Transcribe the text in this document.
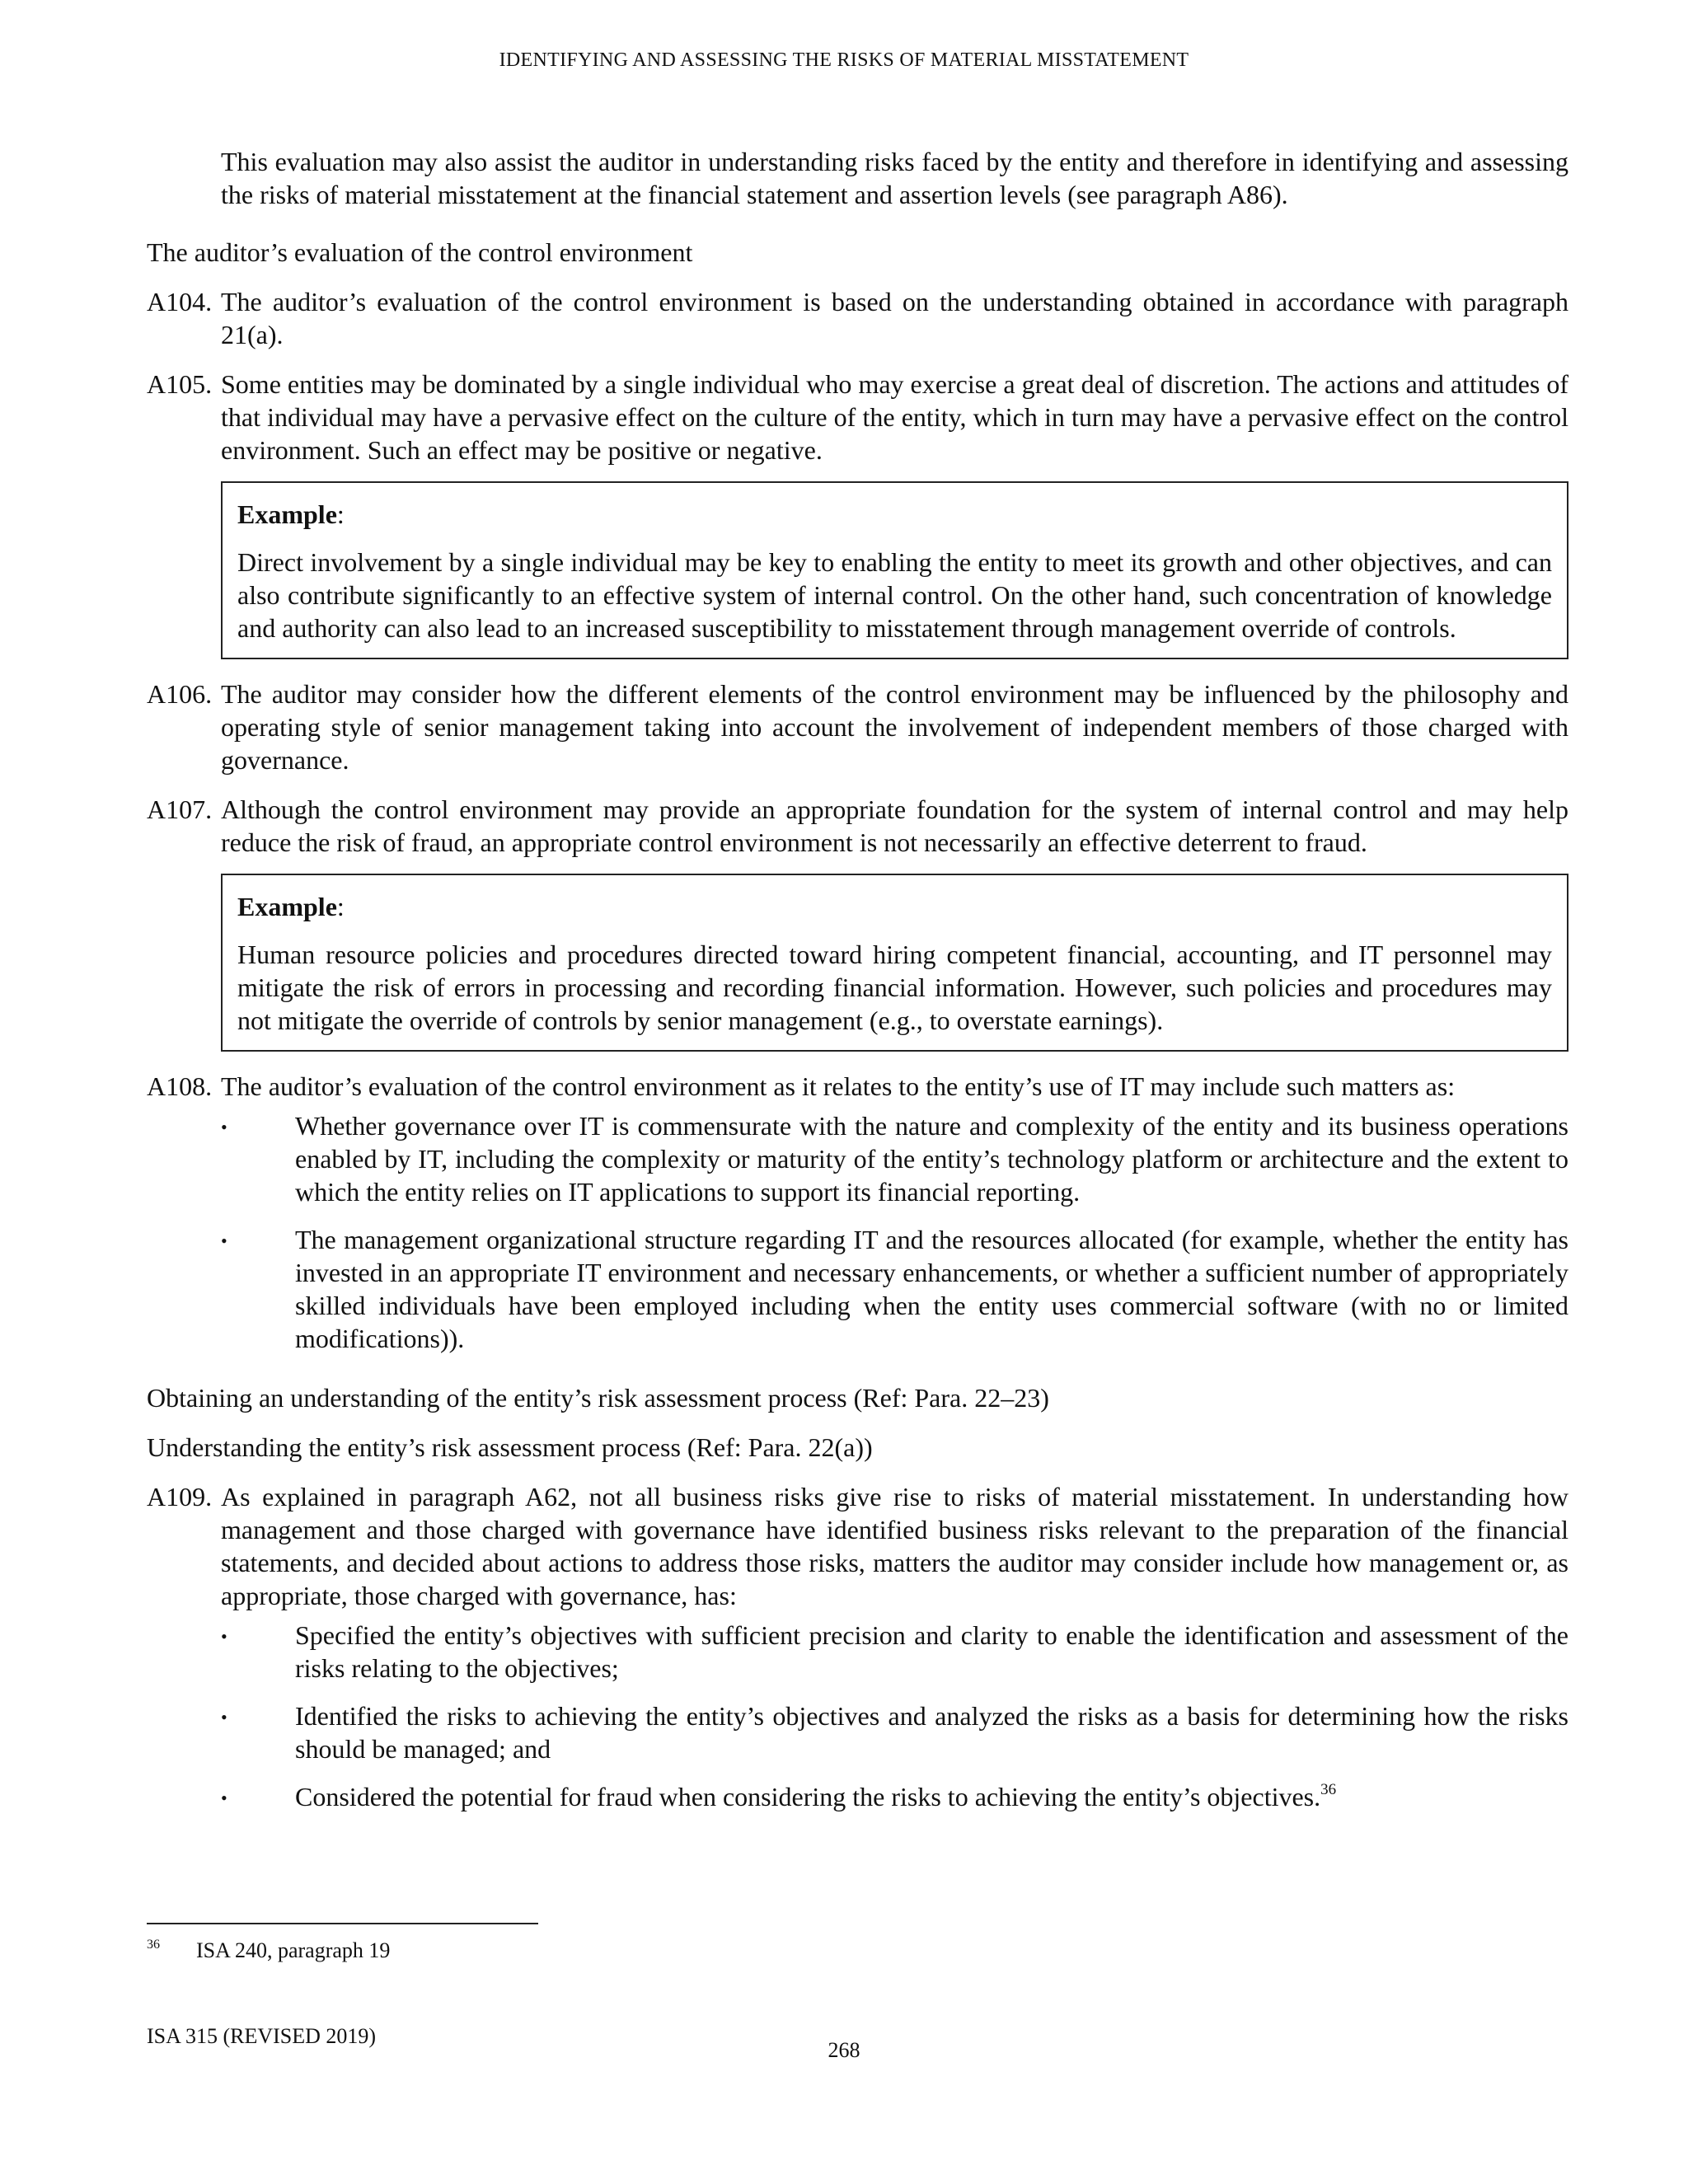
IDENTIFYING AND ASSESSING THE RISKS OF MATERIAL MISSTATEMENT

This evaluation may also assist the auditor in understanding risks faced by the entity and therefore in identifying and assessing the risks of material misstatement at the financial statement and assertion levels (see paragraph A86).

The auditor’s evaluation of the control environment

A104. The auditor’s evaluation of the control environment is based on the understanding obtained in accordance with paragraph 21(a).
A105. Some entities may be dominated by a single individual who may exercise a great deal of discretion. The actions and attitudes of that individual may have a pervasive effect on the culture of the entity, which in turn may have a pervasive effect on the control environment. Such an effect may be positive or negative.
Example:
Direct involvement by a single individual may be key to enabling the entity to meet its growth and other objectives, and can also contribute significantly to an effective system of internal control. On the other hand, such concentration of knowledge and authority can also lead to an increased susceptibility to misstatement through management override of controls.
A106. The auditor may consider how the different elements of the control environment may be influenced by the philosophy and operating style of senior management taking into account the involvement of independent members of those charged with governance.
A107. Although the control environment may provide an appropriate foundation for the system of internal control and may help reduce the risk of fraud, an appropriate control environment is not necessarily an effective deterrent to fraud.
Example:
Human resource policies and procedures directed toward hiring competent financial, accounting, and IT personnel may mitigate the risk of errors in processing and recording financial information. However, such policies and procedures may not mitigate the override of controls by senior management (e.g., to overstate earnings).
A108. The auditor’s evaluation of the control environment as it relates to the entity’s use of IT may include such matters as:
•	Whether governance over IT is commensurate with the nature and complexity of the entity and its business operations enabled by IT, including the complexity or maturity of the entity’s technology platform or architecture and the extent to which the entity relies on IT applications to support its financial reporting.
•	The management organizational structure regarding IT and the resources allocated (for example, whether the entity has invested in an appropriate IT environment and necessary enhancements, or whether a sufficient number of appropriately skilled individuals have been employed including when the entity uses commercial software (with no or limited modifications)).

Obtaining an understanding of the entity’s risk assessment process (Ref: Para. 22–23)

Understanding the entity’s risk assessment process (Ref: Para. 22(a))

A109. As explained in paragraph A62, not all business risks give rise to risks of material misstatement. In understanding how management and those charged with governance have identified business risks relevant to the preparation of the financial statements, and decided about actions to address those risks, matters the auditor may consider include how management or, as appropriate, those charged with governance, has:
•	Specified the entity’s objectives with sufficient precision and clarity to enable the identification and assessment of the risks relating to the objectives;
•	Identified the risks to achieving the entity’s objectives and analyzed the risks as a basis for determining how the risks should be managed; and
•	Considered the potential for fraud when considering the risks to achieving the entity’s objectives.$^{36}$
36	ISA 240, paragraph 19
ISA 315 (REVISED 2019)
268
